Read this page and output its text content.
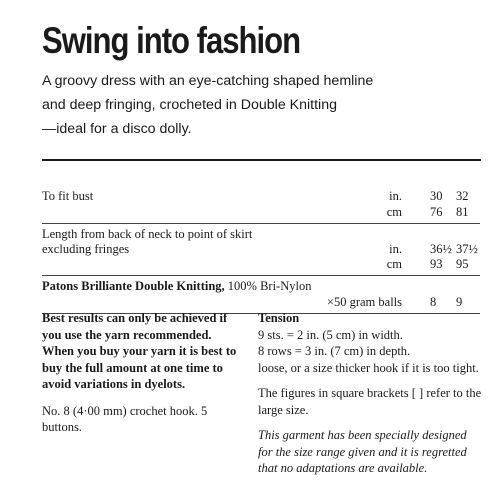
Swing into fashion
A groovy dress with an eye-catching shaped hemline
and deep fringing, crocheted in Double Knitting
—ideal for a disco dolly.
To fit bust	in. 30	32
cm 76	81
Length from back of neck to point of skirt
excluding fringes	in. 36½ 37½
cm 93	95
Patons Brilliante Double Knitting, 100% Bri-Nylon
×50 gram balls 8	9

Best results can only be achieved if you use the yarn recommended. When you buy your yarn it is best to buy the full amount at one time to avoid variations in dyelots.

No. 8 (4·00 mm) crochet hook. 5 buttons.

Tension

9 sts. = 2 in. (5 cm) in width.
8 rows = 3 in. (7 cm) in depth.

loose, or a size thicker hook if it is too tight.

The figures in square brackets [ ] refer to the large size.

This garment has been specially designed for the size range given and it is regretted that no adaptations are available.
